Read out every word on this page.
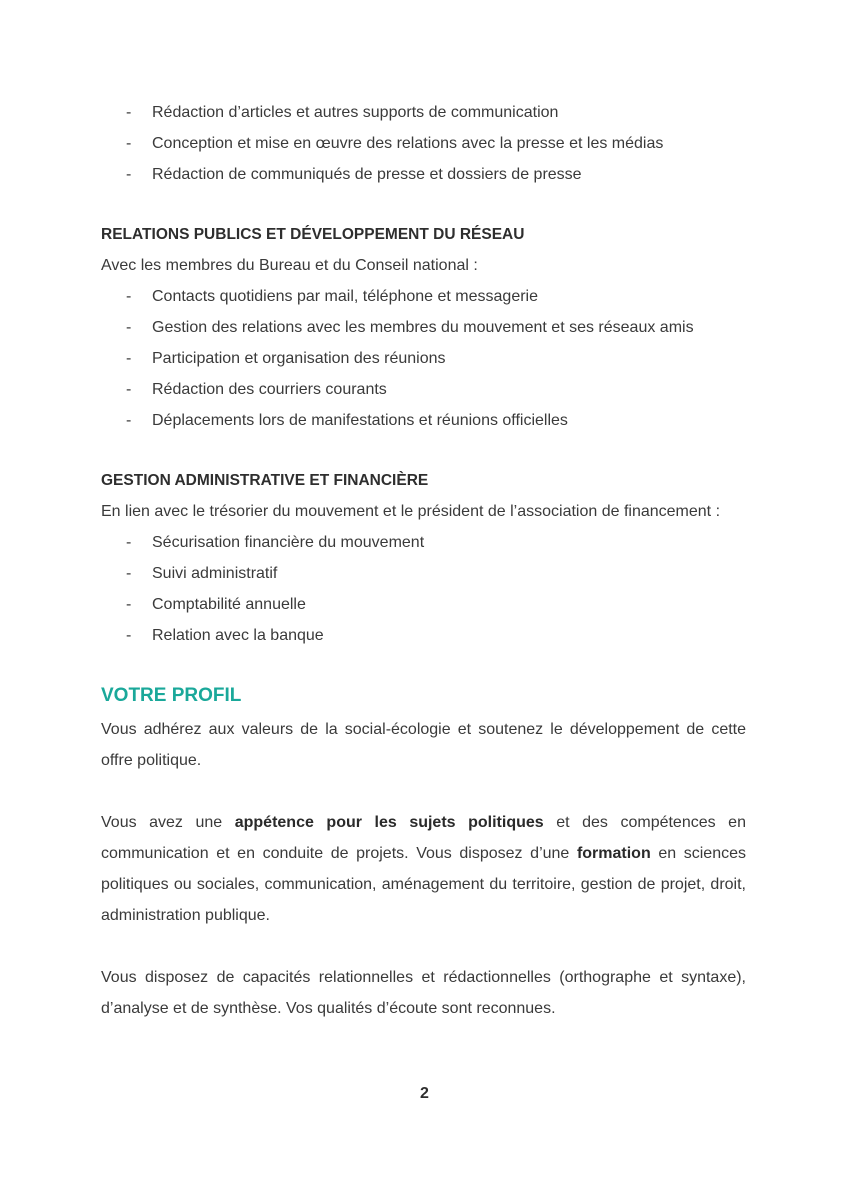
- Rédaction d’articles et autres supports de communication
- Conception et mise en œuvre des relations avec la presse et les médias
- Rédaction de communiqués de presse et dossiers de presse
RELATIONS PUBLICS ET DÉVELOPPEMENT DU RÉSEAU
Avec les membres du Bureau et du Conseil national :
- Contacts quotidiens par mail, téléphone et messagerie
- Gestion des relations avec les membres du mouvement et ses réseaux amis
- Participation et organisation des réunions
- Rédaction des courriers courants
- Déplacements lors de manifestations et réunions officielles
GESTION ADMINISTRATIVE ET FINANCIÈRE
En lien avec le trésorier du mouvement et le président de l’association de financement :
- Sécurisation financière du mouvement
- Suivi administratif
- Comptabilité annuelle
- Relation avec la banque
VOTRE PROFIL

Vous adhérez aux valeurs de la social-écologie et soutenez le développement de cette offre politique.

Vous avez une appétence pour les sujets politiques et des compétences en communication et en conduite de projets. Vous disposez d’une formation en sciences politiques ou sociales, communication, aménagement du territoire, gestion de projet, droit, administration publique.

Vous disposez de capacités relationnelles et rédactionnelles (orthographe et syntaxe), d’analyse et de synthèse. Vos qualités d’écoute sont reconnues.

2
